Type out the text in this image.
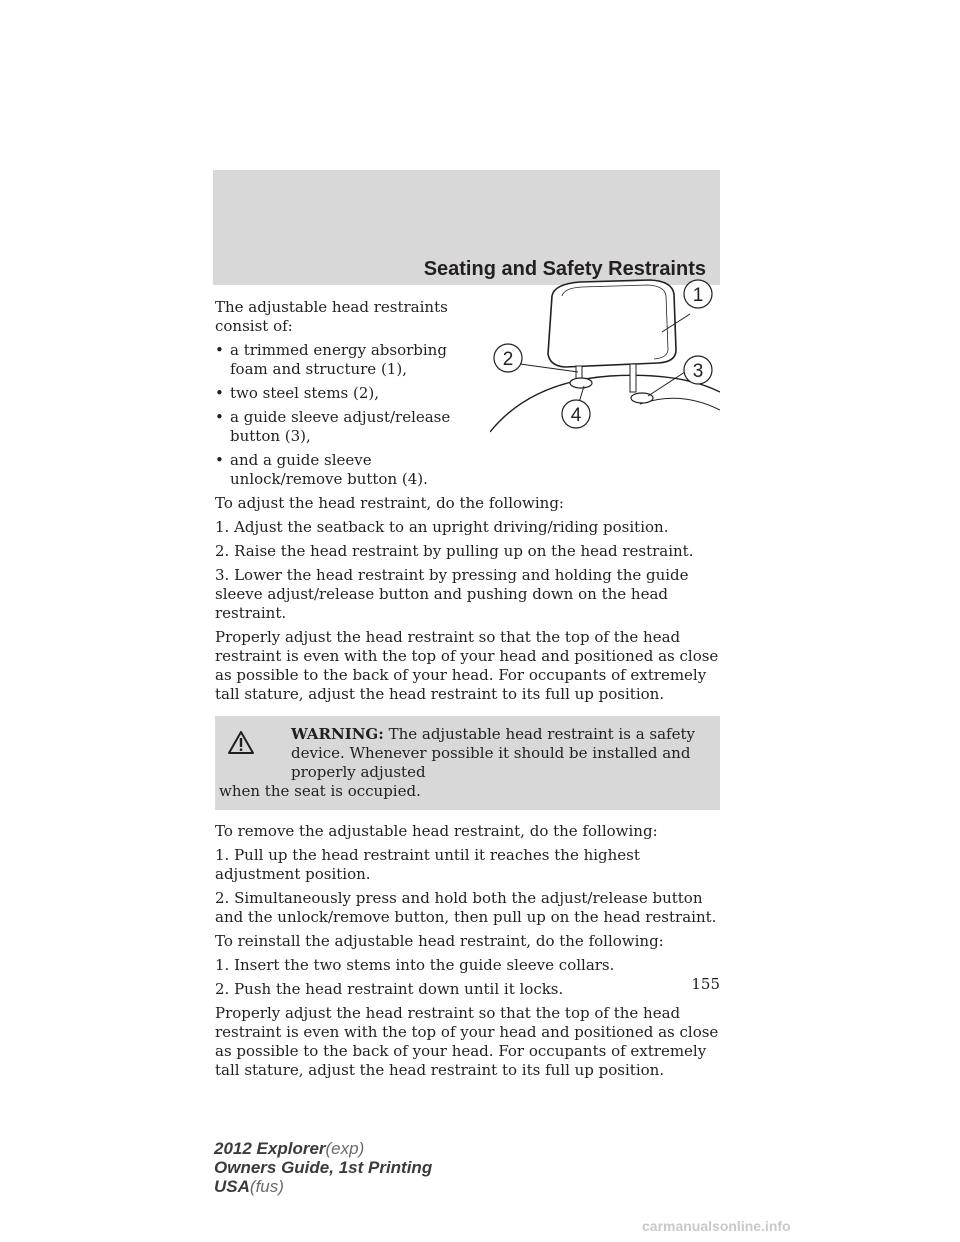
Seating and Safety Restraints
1
2
3
4

The adjustable head restraints consist of:

• a trimmed energy absorbing foam and structure (1),
• two steel stems (2),
• a guide sleeve adjust/release button (3),
• and a guide sleeve unlock/remove button (4).

To adjust the head restraint, do the following:

1. Adjust the seatback to an upright driving/riding position.

2. Raise the head restraint by pulling up on the head restraint.

3. Lower the head restraint by pressing and holding the guide sleeve adjust/release button and pushing down on the head restraint.

Properly adjust the head restraint so that the top of the head restraint is even with the top of your head and positioned as close as possible to the back of your head. For occupants of extremely tall stature, adjust the head restraint to its full up position.

WARNING: The adjustable head restraint is a safety device. Whenever possible it should be installed and properly adjusted
when the seat is occupied.

To remove the adjustable head restraint, do the following:

1. Pull up the head restraint until it reaches the highest adjustment position.

2. Simultaneously press and hold both the adjust/release button and the unlock/remove button, then pull up on the head restraint.

To reinstall the adjustable head restraint, do the following:

1. Insert the two stems into the guide sleeve collars.

2. Push the head restraint down until it locks.

Properly adjust the head restraint so that the top of the head restraint is even with the top of your head and positioned as close as possible to the back of your head. For occupants of extremely tall stature, adjust the head restraint to its full up position.

155
2012 Explorer(exp)
Owners Guide, 1st Printing
USA(fus)
carmanualsonline.info
